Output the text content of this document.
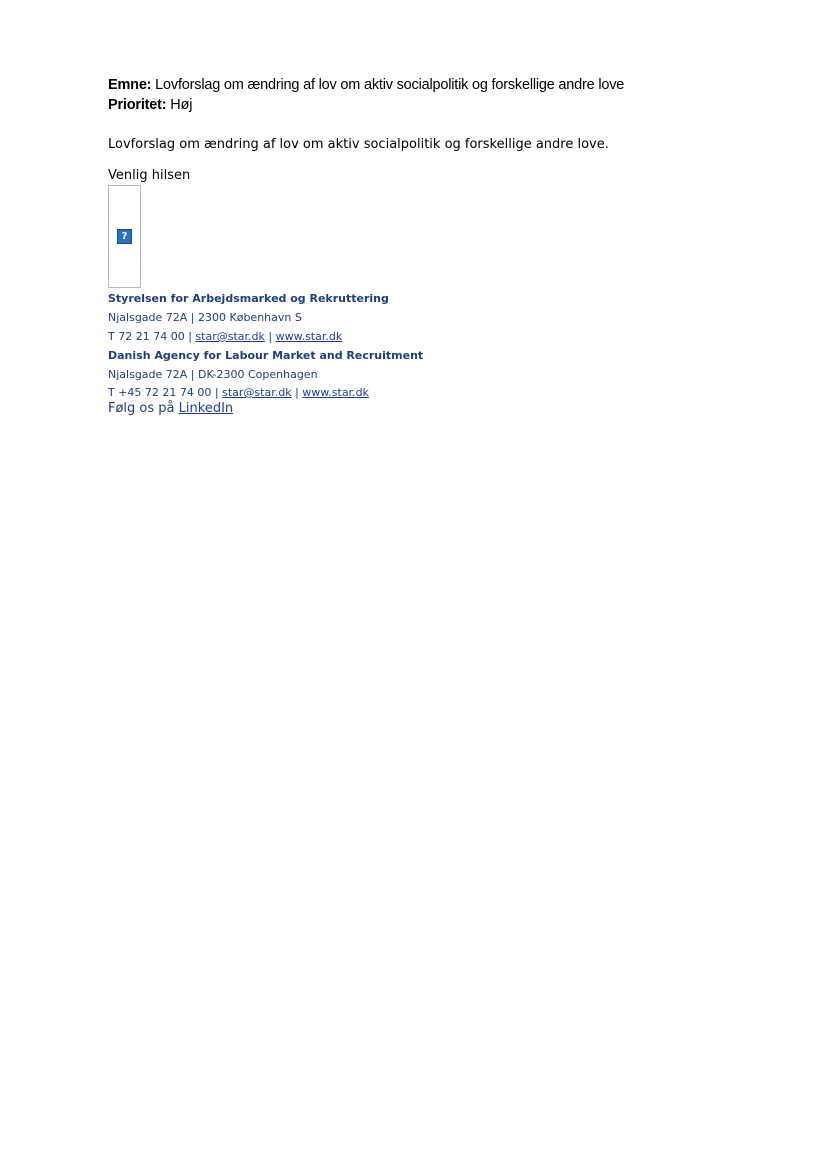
Emne: Lovforslag om ændring af lov om aktiv socialpolitik og forskellige andre love
Prioritet: Høj
Lovforslag om ændring af lov om aktiv socialpolitik og forskellige andre love.
Venlig hilsen
?
Styrelsen for Arbejdsmarked og Rekruttering
Njalsgade 72A | 2300 København S
T 72 21 74 00 | star@star.dk | www.star.dk
Danish Agency for Labour Market and Recruitment
Njalsgade 72A | DK-2300 Copenhagen
T +45 72 21 74 00 | star@star.dk | www.star.dk
Følg os på LinkedIn
